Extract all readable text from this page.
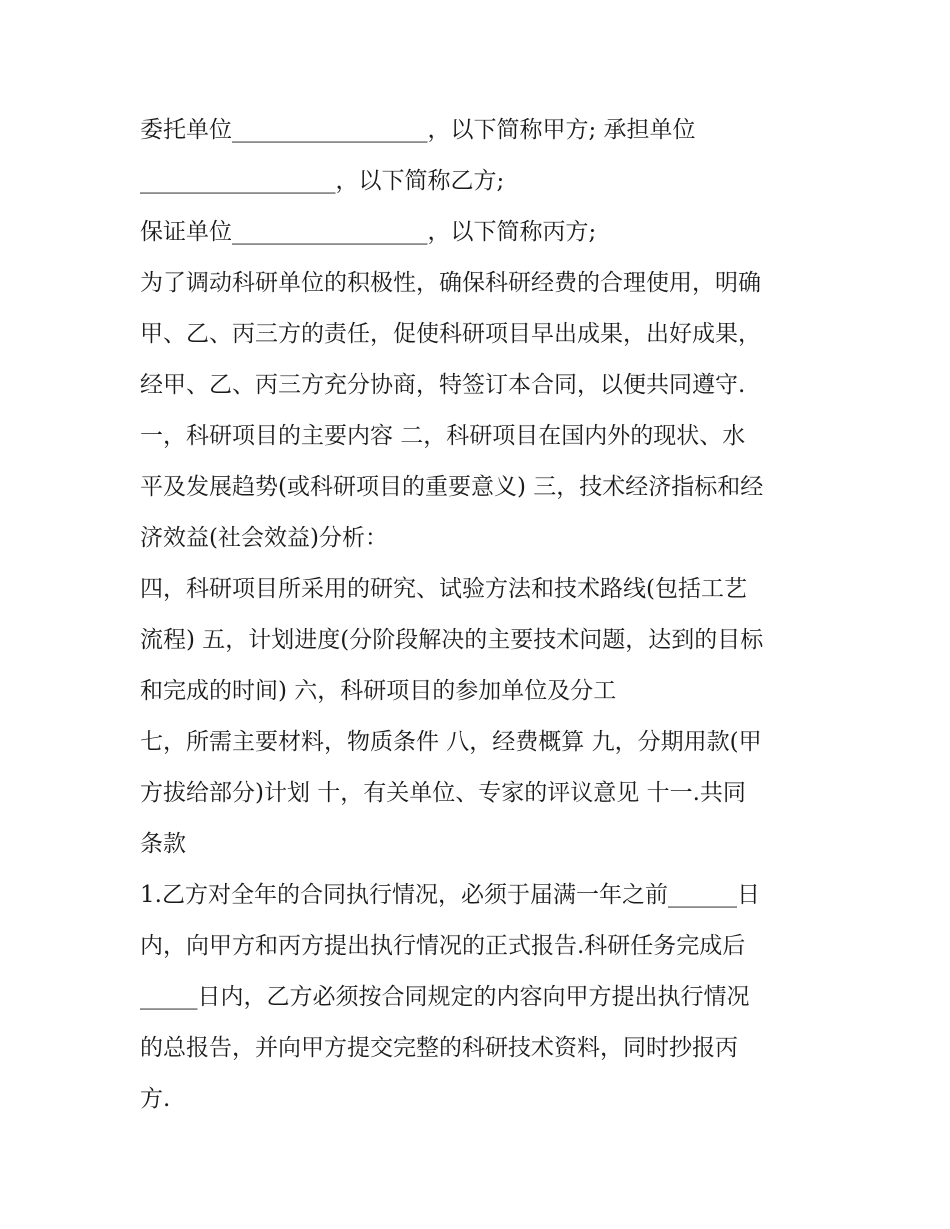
委托单位_________________，以下简称甲方; 承担单位
_________________，以下简称乙方;
保证单位_________________，以下简称丙方;
为了调动科研单位的积极性，确保科研经费的合理使用，明确
甲、乙、丙三方的责任，促使科研项目早出成果，出好成果，
经甲、乙、丙三方充分协商，特签订本合同，以便共同遵守.
一，科研项目的主要内容 二，科研项目在国内外的现状、水
平及发展趋势(或科研项目的重要意义) 三，技术经济指标和经
济效益(社会效益)分析：
四，科研项目所采用的研究、试验方法和技术路线(包括工艺
流程) 五，计划进度(分阶段解决的主要技术问题，达到的目标
和完成的时间) 六，科研项目的参加单位及分工
七，所需主要材料，物质条件 八，经费概算 九，分期用款(甲
方拔给部分)计划 十，有关单位、专家的评议意见 十一.共同
条款
1.乙方对全年的合同执行情况，必须于届满一年之前______日
内，向甲方和丙方提出执行情况的正式报告.科研任务完成后
_____日内，乙方必须按合同规定的内容向甲方提出执行情况
的总报告，并向甲方提交完整的科研技术资料，同时抄报丙
方.
